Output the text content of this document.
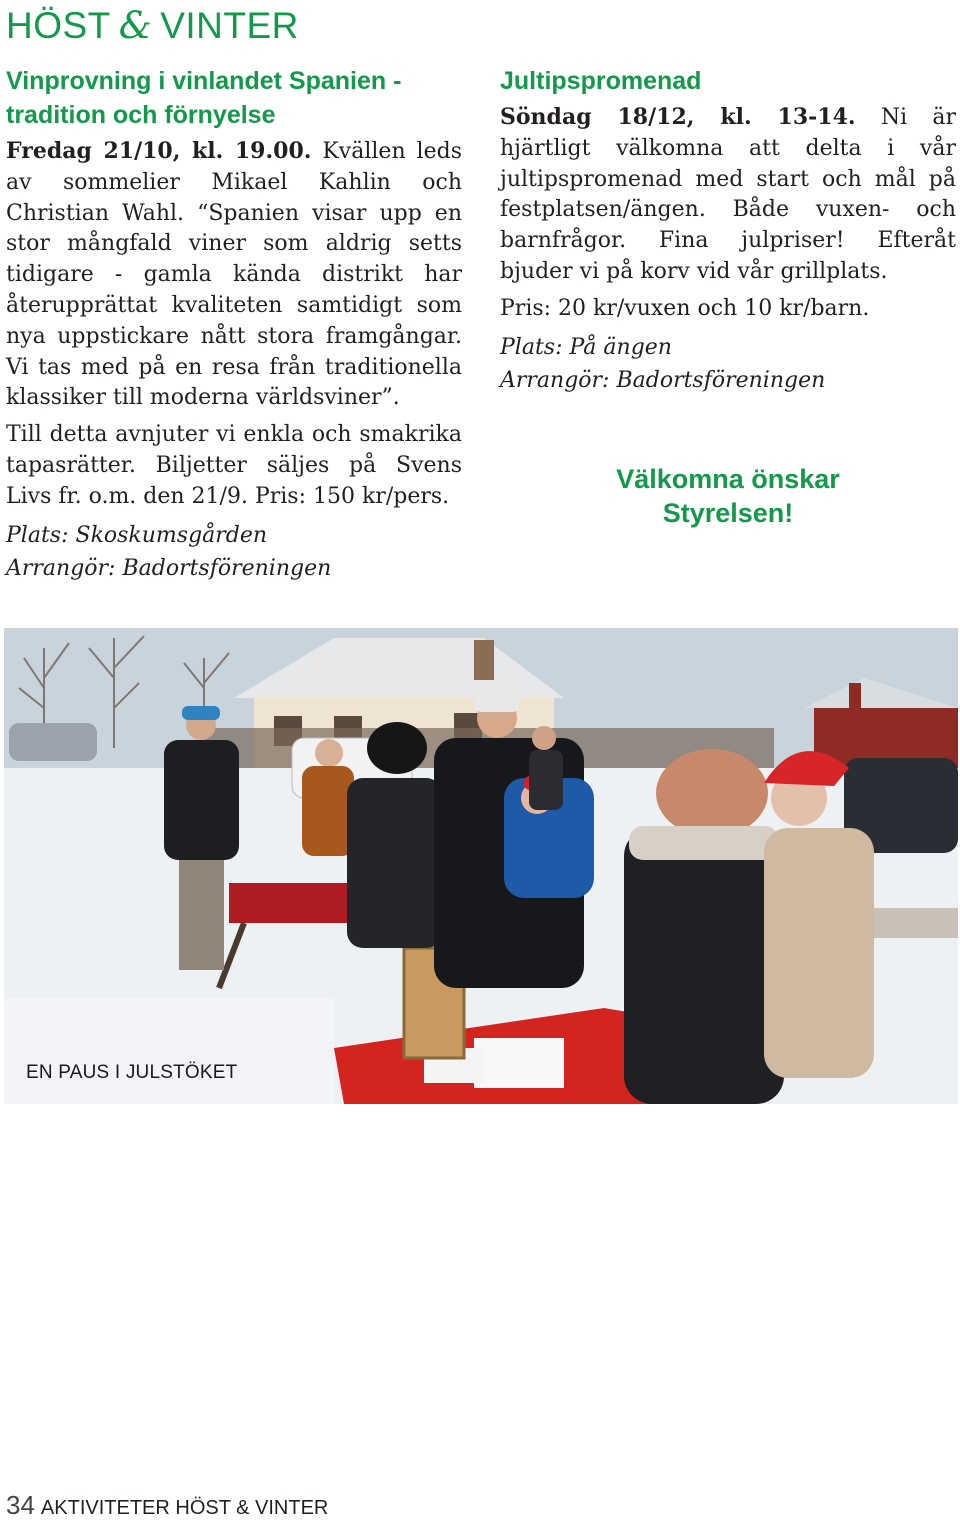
HÖST & VINTER
Vinprovning i vinlandet Spanien - tradition och förnyelse

Fredag 21/10, kl. 19.00. Kvällen leds av sommelier Mikael Kahlin och Christian Wahl. “Spanien visar upp en stor mångfald viner som aldrig setts tidigare - gamla kända distrikt har återupprättat kvaliteten samtidigt som nya uppstickare nått stora framgångar. Vi tas med på en resa från traditionella klassiker till moderna världsviner”.

Till detta avnjuter vi enkla och smakrika tapasrätter. Biljetter säljes på Svens Livs fr. o.m. den 21/9. Pris: 150 kr/pers.

Plats: Skoskumsgården

Arrangör: Badortsföreningen

Jultipspromenad

Söndag 18/12, kl. 13-14. Ni är hjärtligt välkomna att delta i vår jultipspromenad med start och mål på festplatsen/ängen. Både vuxen- och barnfrågor. Fina julpriser! Efteråt bjuder vi på korv vid vår grillplats.

Pris: 20 kr/vuxen och 10 kr/barn.

Plats: På ängen

Arrangör: Badortsföreningen

Välkomna önskar
Styrelsen!
EN PAUS I JULSTÖKET
34 AKTIVITETER HÖST & VINTER
